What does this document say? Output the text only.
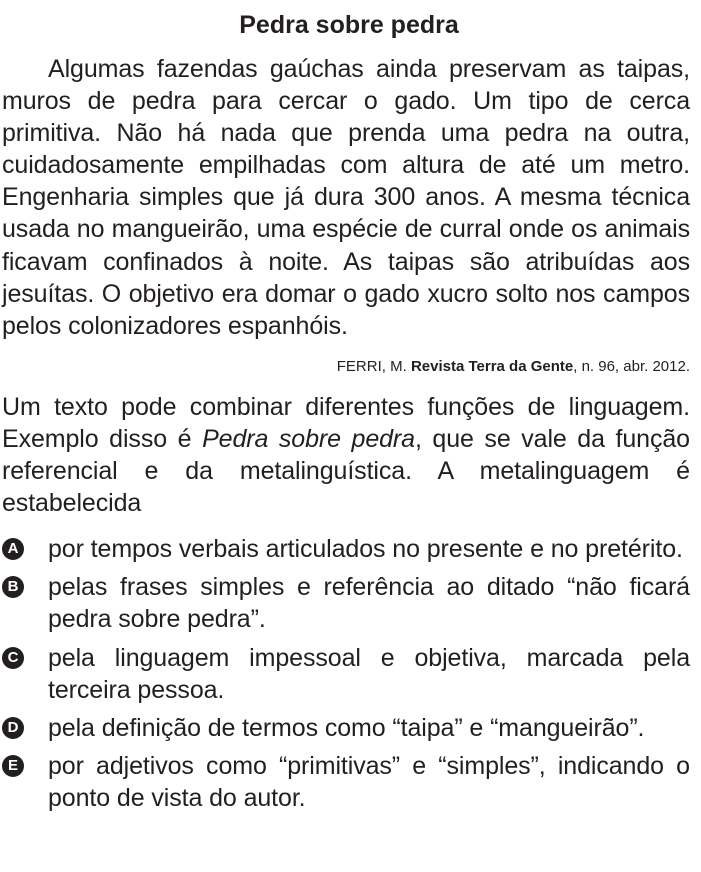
Pedra sobre pedra
Algumas fazendas gaúchas ainda preservam as taipas, muros de pedra para cercar o gado. Um tipo de cerca primitiva. Não há nada que prenda uma pedra na outra, cuidadosamente empilhadas com altura de até um metro. Engenharia simples que já dura 300 anos. A mesma técnica usada no mangueirão, uma espécie de curral onde os animais ficavam confinados à noite. As taipas são atribuídas aos jesuítas. O objetivo era domar o gado xucro solto nos campos pelos colonizadores espanhóis.
FERRI, M. Revista Terra da Gente, n. 96, abr. 2012.
Um texto pode combinar diferentes funções de linguagem. Exemplo disso é Pedra sobre pedra, que se vale da função referencial e da metalinguística. A metalinguagem é estabelecida
A por tempos verbais articulados no presente e no pretérito.
B pelas frases simples e referência ao ditado “não ficará pedra sobre pedra”.
C pela linguagem impessoal e objetiva, marcada pela terceira pessoa.
D pela definição de termos como “taipa” e “mangueirão”.
E por adjetivos como “primitivas” e “simples”, indicando o ponto de vista do autor.
